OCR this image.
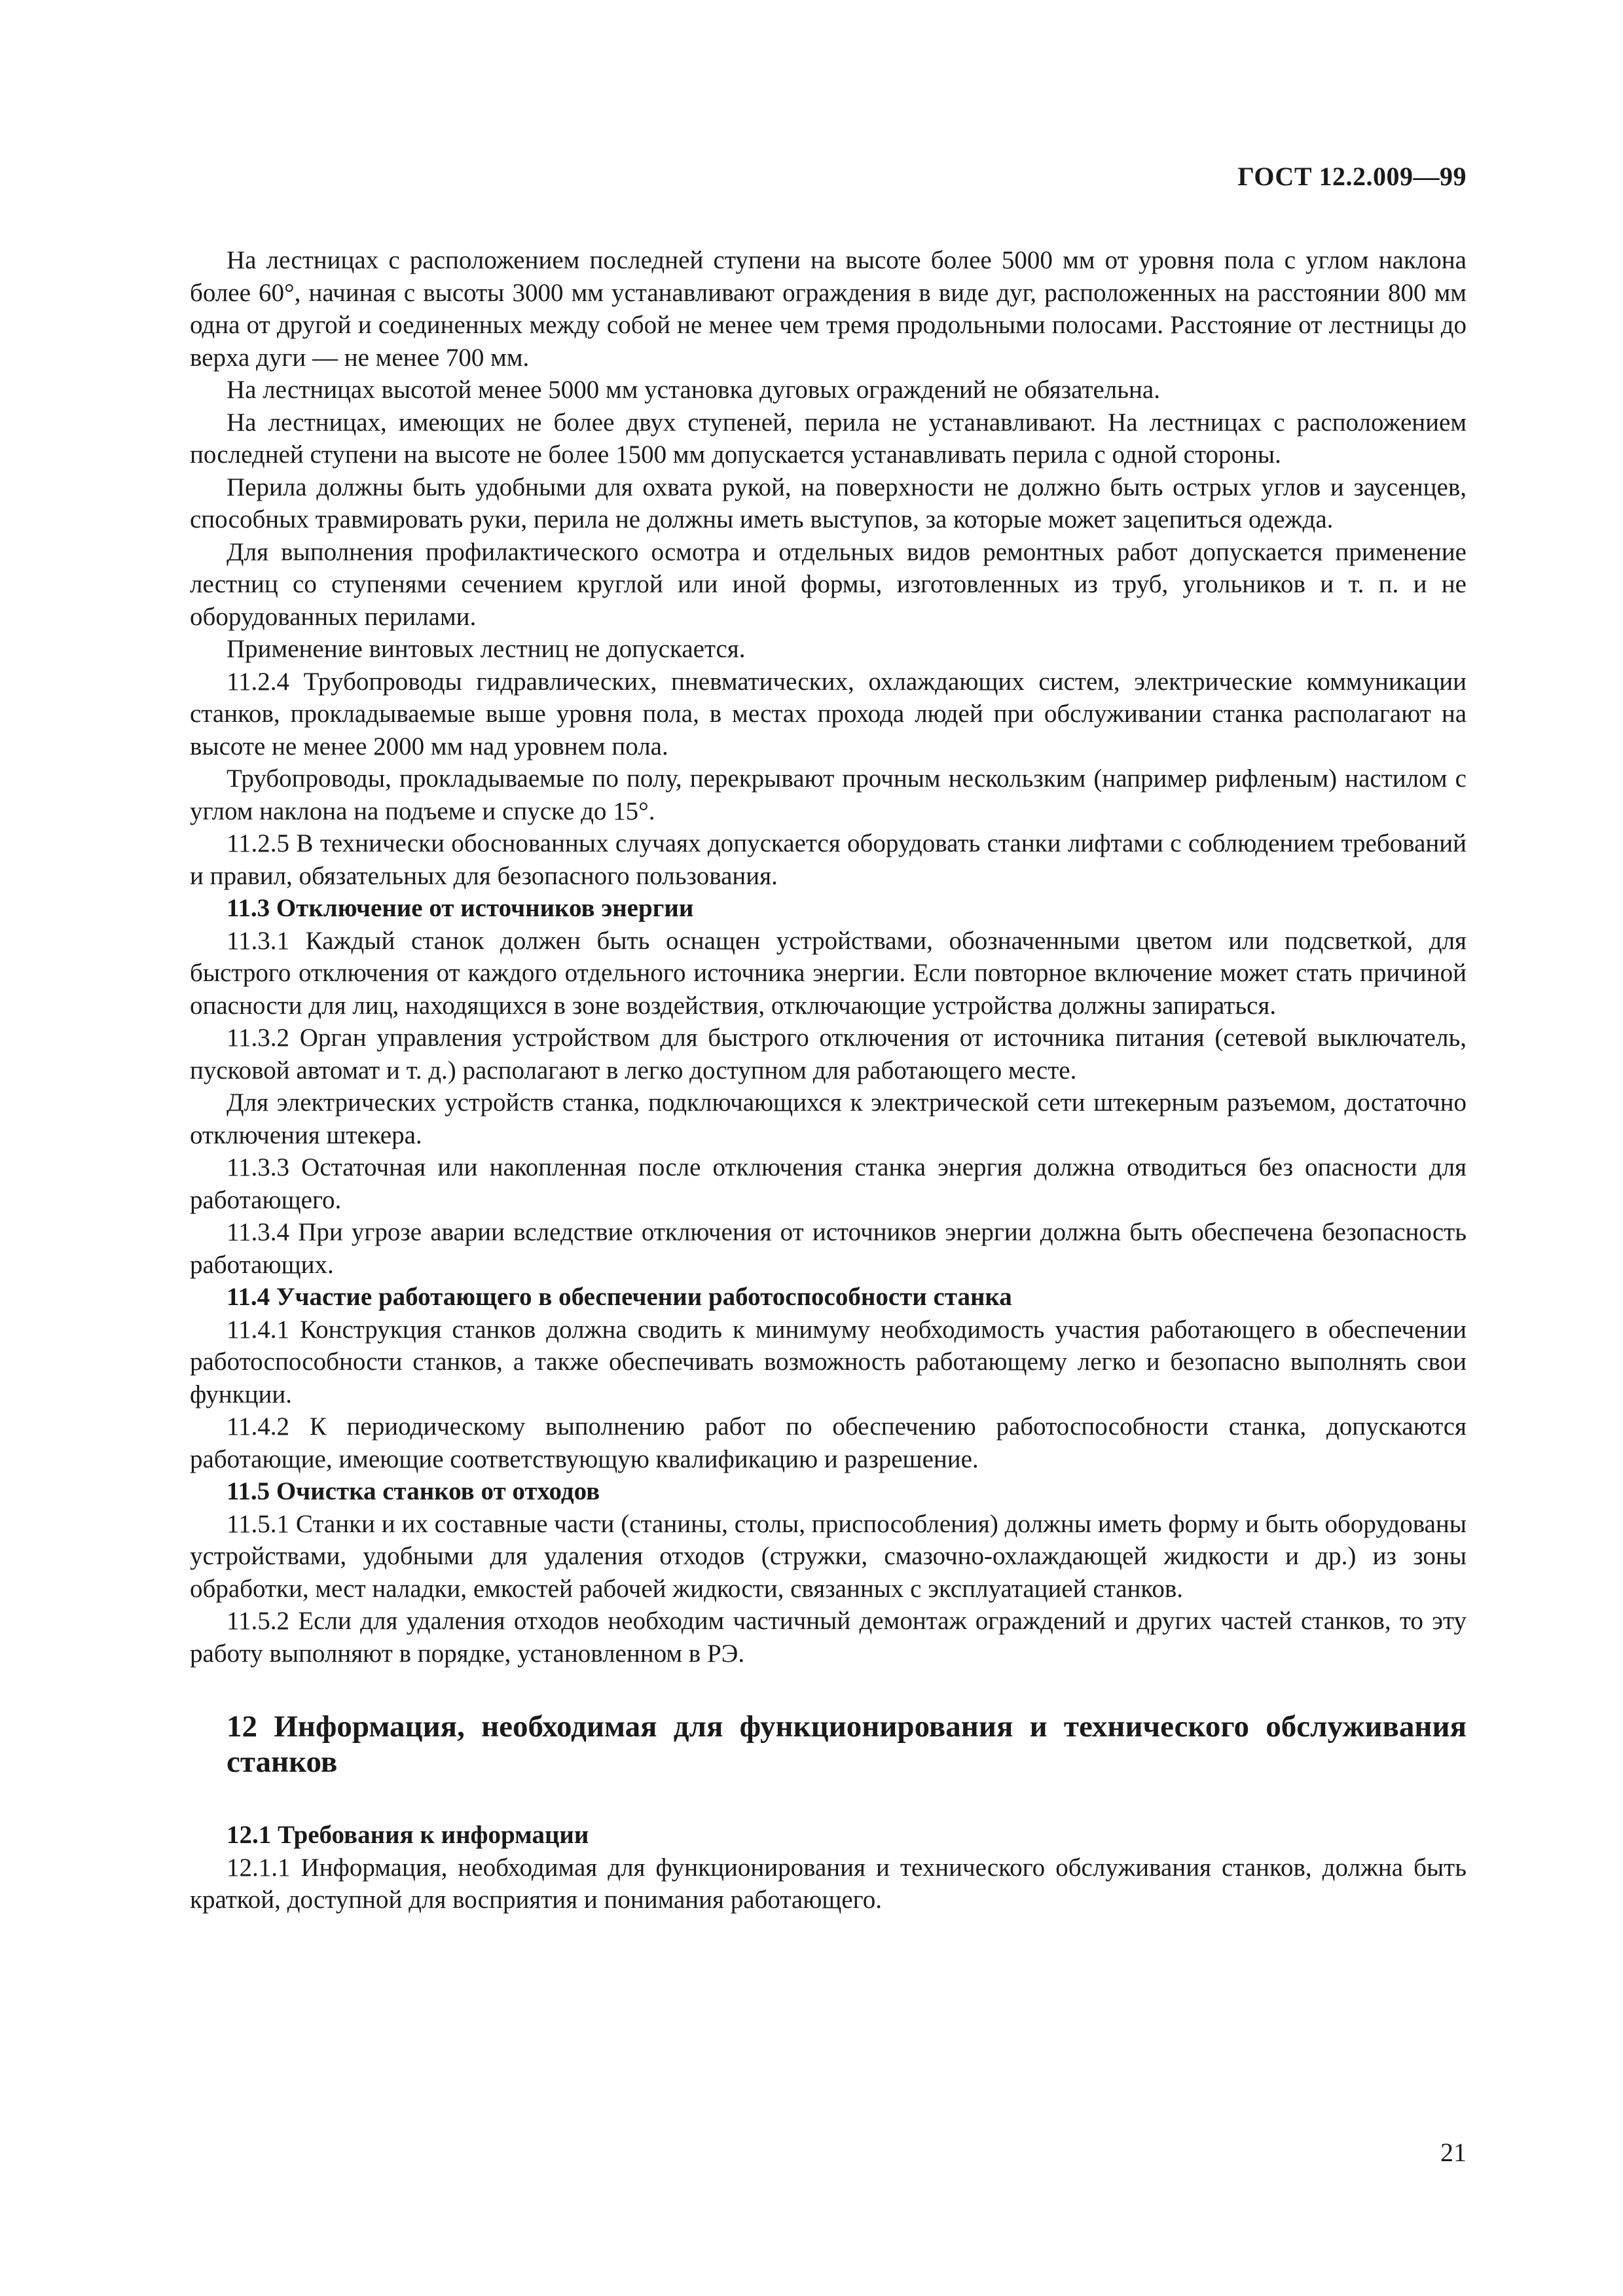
ГОСТ 12.2.009—99

На лестницах с расположением последней ступени на высоте более 5000 мм от уровня пола с углом наклона более 60°, начиная с высоты 3000 мм устанавливают ограждения в виде дуг, расположенных на расстоянии 800 мм одна от другой и соединенных между собой не менее чем тремя продольными полосами. Расстояние от лестницы до верха дуги — не менее 700 мм.

На лестницах высотой менее 5000 мм установка дуговых ограждений не обязательна.

На лестницах, имеющих не более двух ступеней, перила не устанавливают. На лестницах с расположением последней ступени на высоте не более 1500 мм допускается устанавливать перила с одной стороны.

Перила должны быть удобными для охвата рукой, на поверхности не должно быть острых углов и заусенцев, способных травмировать руки, перила не должны иметь выступов, за которые может зацепиться одежда.

Для выполнения профилактического осмотра и отдельных видов ремонтных работ допускается применение лестниц со ступенями сечением круглой или иной формы, изготовленных из труб, угольников и т. п. и не оборудованных перилами.

Применение винтовых лестниц не допускается.

11.2.4 Трубопроводы гидравлических, пневматических, охлаждающих систем, электрические коммуникации станков, прокладываемые выше уровня пола, в местах прохода людей при обслуживании станка располагают на высоте не менее 2000 мм над уровнем пола.

Трубопроводы, прокладываемые по полу, перекрывают прочным нескользким (например рифленым) настилом с углом наклона на подъеме и спуске до 15°.

11.2.5 В технически обоснованных случаях допускается оборудовать станки лифтами с соблюдением требований и правил, обязательных для безопасного пользования.

11.3 Отключение от источников энергии

11.3.1 Каждый станок должен быть оснащен устройствами, обозначенными цветом или подсветкой, для быстрого отключения от каждого отдельного источника энергии. Если повторное включение может стать причиной опасности для лиц, находящихся в зоне воздействия, отключающие устройства должны запираться.

11.3.2 Орган управления устройством для быстрого отключения от источника питания (сетевой выключатель, пусковой автомат и т. д.) располагают в легко доступном для работающего месте.

Для электрических устройств станка, подключающихся к электрической сети штекерным разъемом, достаточно отключения штекера.

11.3.3 Остаточная или накопленная после отключения станка энергия должна отводиться без опасности для работающего.

11.3.4 При угрозе аварии вследствие отключения от источников энергии должна быть обеспечена безопасность работающих.

11.4 Участие работающего в обеспечении работоспособности станка

11.4.1 Конструкция станков должна сводить к минимуму необходимость участия работающего в обеспечении работоспособности станков, а также обеспечивать возможность работающему легко и безопасно выполнять свои функции.

11.4.2 К периодическому выполнению работ по обеспечению работоспособности станка, допускаются работающие, имеющие соответствующую квалификацию и разрешение.

11.5 Очистка станков от отходов

11.5.1 Станки и их составные части (станины, столы, приспособления) должны иметь форму и быть оборудованы устройствами, удобными для удаления отходов (стружки, смазочно-охлаждающей жидкости и др.) из зоны обработки, мест наладки, емкостей рабочей жидкости, связанных с эксплуатацией станков.

11.5.2 Если для удаления отходов необходим частичный демонтаж ограждений и других частей станков, то эту работу выполняют в порядке, установленном в РЭ.

12 Информация, необходимая для функционирования и технического обслуживания станков

12.1 Требования к информации

12.1.1 Информация, необходимая для функционирования и технического обслуживания станков, должна быть краткой, доступной для восприятия и понимания работающего.

21
